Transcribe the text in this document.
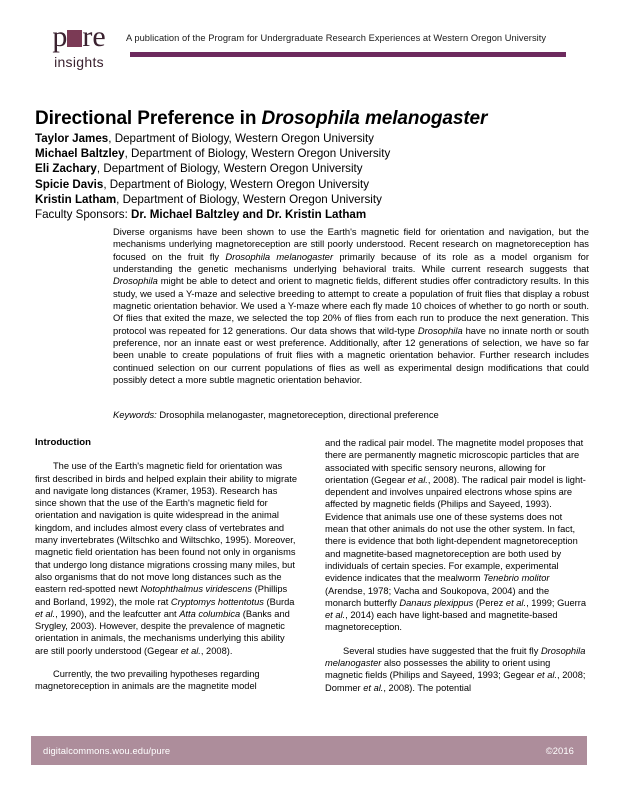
p re
insights
A publication of the Program for Undergraduate Research Experiences at Western Oregon University
Directional Preference in Drosophila melanogaster
Taylor James, Department of Biology, Western Oregon University
Michael Baltzley, Department of Biology, Western Oregon University
Eli Zachary, Department of Biology, Western Oregon University
Spicie Davis, Department of Biology, Western Oregon University
Kristin Latham, Department of Biology, Western Oregon University
Faculty Sponsors: Dr. Michael Baltzley and Dr. Kristin Latham
Diverse organisms have been shown to use the Earth's magnetic field for orientation and navigation, but the mechanisms underlying magnetoreception are still poorly understood. Recent research on magnetoreception has focused on the fruit fly Drosophila melanogaster primarily because of its role as a model organism for understanding the genetic mechanisms underlying behavioral traits. While current research suggests that Drosophila might be able to detect and orient to magnetic fields, different studies offer contradictory results. In this study, we used a Y-maze and selective breeding to attempt to create a population of fruit flies that display a robust magnetic orientation behavior. We used a Y-maze where each fly made 10 choices of whether to go north or south. Of flies that exited the maze, we selected the top 20% of flies from each run to produce the next generation. This protocol was repeated for 12 generations. Our data shows that wild-type Drosophila have no innate north or south preference, nor an innate east or west preference. Additionally, after 12 generations of selection, we have so far been unable to create populations of fruit flies with a magnetic orientation behavior. Further research includes continued selection on our current populations of flies as well as experimental design modifications that could possibly detect a more subtle magnetic orientation behavior.
Keywords: Drosophila melanogaster, magnetoreception, directional preference
Introduction

The use of the Earth's magnetic field for orientation was first described in birds and helped explain their ability to migrate and navigate long distances (Kramer, 1953). Research has since shown that the use of the Earth's magnetic field for orientation and navigation is quite widespread in the animal kingdom, and includes almost every class of vertebrates and many invertebrates (Wiltschko and Wiltschko, 1995). Moreover, magnetic field orientation has been found not only in organisms that undergo long distance migrations crossing many miles, but also organisms that do not move long distances such as the eastern red-spotted newt Notophthalmus viridescens (Phillips and Borland, 1992), the mole rat Cryptomys hottentotus (Burda et al., 1990), and the leafcutter ant Atta columbica (Banks and Srygley, 2003). However, despite the prevalence of magnetic orientation in animals, the mechanisms underlying this ability are still poorly understood (Gegear et al., 2008).

Currently, the two prevailing hypotheses regarding magnetoreception in animals are the magnetite model

and the radical pair model. The magnetite model proposes that there are permanently magnetic microscopic particles that are associated with specific sensory neurons, allowing for orientation (Gegear et al., 2008). The radical pair model is light-dependent and involves unpaired electrons whose spins are affected by magnetic fields (Philips and Sayeed, 1993). Evidence that animals use one of these systems does not mean that other animals do not use the other system. In fact, there is evidence that both light-dependent magnetoreception and magnetite-based magnetoreception are both used by individuals of certain species. For example, experimental evidence indicates that the mealworm Tenebrio molitor (Arendse, 1978; Vacha and Soukopova, 2004) and the monarch butterfly Danaus plexippus (Perez et al., 1999; Guerra et al., 2014) each have light-based and magnetite-based magnetoreception.

Several studies have suggested that the fruit fly Drosophila melanogaster also possesses the ability to orient using magnetic fields (Philips and Sayeed, 1993; Gegear et al., 2008; Dommer et al., 2008). The potential

digitalcommons.wou.edu/pure	©2016
